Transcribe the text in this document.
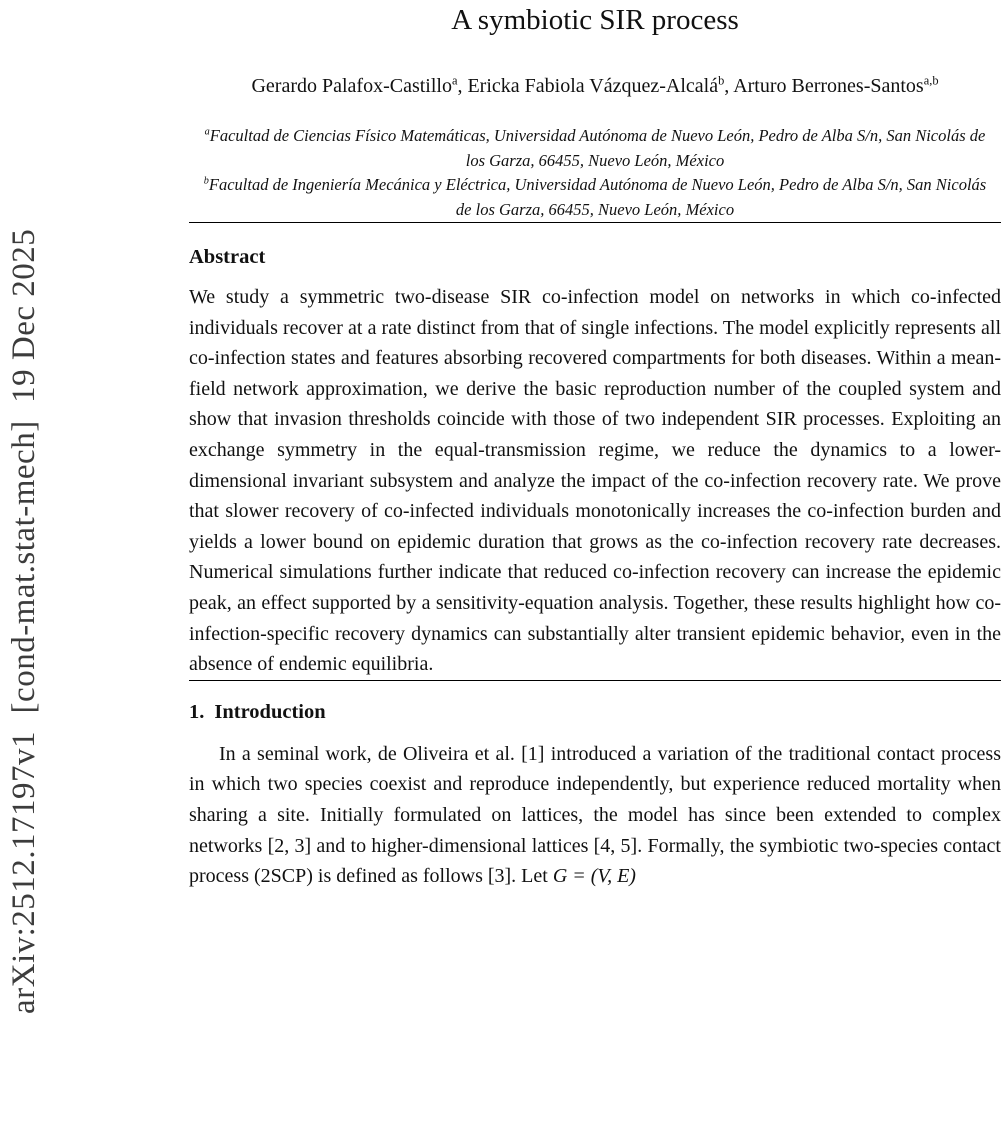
arXiv:2512.17197v1  [cond-mat.stat-mech]  19 Dec 2025
A symbiotic SIR process

Gerardo Palafox-Castillo$^a$, Ericka Fabiola Vázquez-Alcalá$^b$, Arturo Berrones-Santos$^{a,b}$

$^a$Facultad de Ciencias Físico Matemáticas, Universidad Autónoma de Nuevo León, Pedro de Alba S/n, San Nicolás de los Garza, 66455, Nuevo León, México

$^b$Facultad de Ingeniería Mecánica y Eléctrica, Universidad Autónoma de Nuevo León, Pedro de Alba S/n, San Nicolás de los Garza, 66455, Nuevo León, México

Abstract

We study a symmetric two-disease SIR co-infection model on networks in which co-infected individuals recover at a rate distinct from that of single infections. The model explicitly represents all co-infection states and features absorbing recovered compartments for both diseases. Within a mean-field network approximation, we derive the basic reproduction number of the coupled system and show that invasion thresholds coincide with those of two independent SIR processes. Exploiting an exchange symmetry in the equal-transmission regime, we reduce the dynamics to a lower-dimensional invariant subsystem and analyze the impact of the co-infection recovery rate. We prove that slower recovery of co-infected individuals monotonically increases the co-infection burden and yields a lower bound on epidemic duration that grows as the co-infection recovery rate decreases. Numerical simulations further indicate that reduced co-infection recovery can increase the epidemic peak, an effect supported by a sensitivity-equation analysis. Together, these results highlight how co-infection-specific recovery dynamics can substantially alter transient epidemic behavior, even in the absence of endemic equilibria.

1. Introduction

In a seminal work, de Oliveira et al. [1] introduced a variation of the traditional contact process in which two species coexist and reproduce independently, but experience reduced mortality when sharing a site. Initially formulated on lattices, the model has since been extended to complex networks [2, 3] and to higher-dimensional lattices [4, 5]. Formally, the symbiotic two-species contact process (2SCP) is defined as follows [3]. Let G = (V, E)
